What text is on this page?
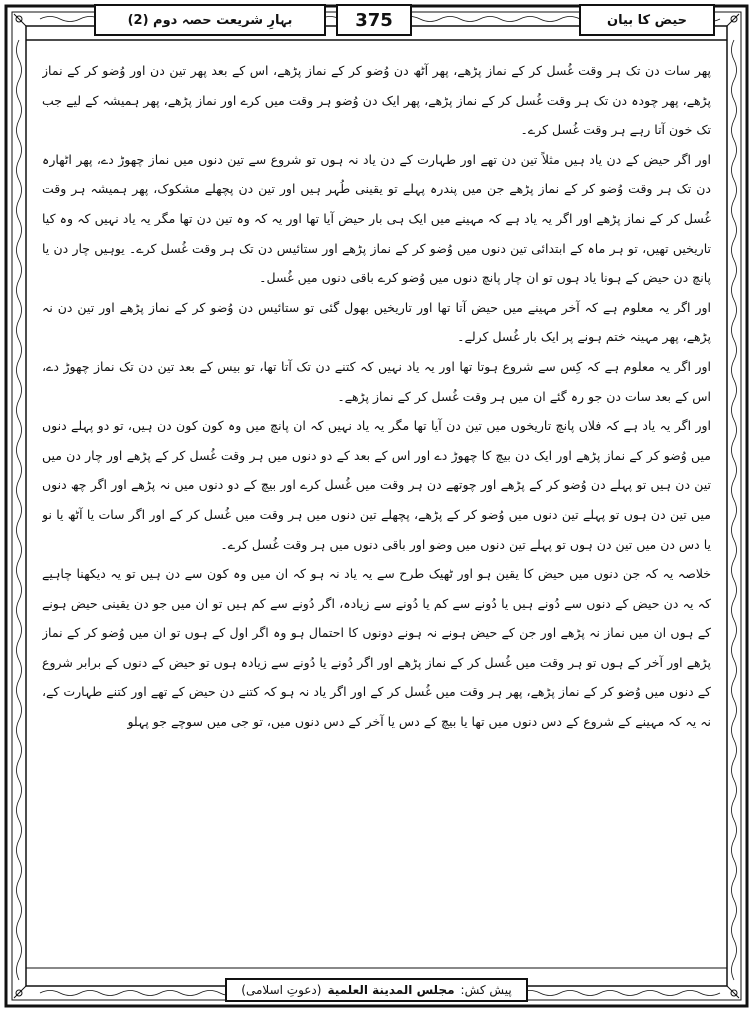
حیض کا بیان
375
بہارِ شریعت حصہ دوم (2)

پھر سات دن تک ہر وقت غُسل کر کے نماز پڑھے، پھر آٹھ دن وُضو کر کے نماز پڑھے، اس کے بعد پھر تین دن اور وُضو کر کے نماز پڑھے، پھر چودہ دن تک ہر وقت غُسل کر کے نماز پڑھے، پھر ایک دن وُضو ہر وقت میں کرے اور نماز پڑھے، پھر ہمیشہ کے لیے جب تک خون آتا رہے ہر وقت غُسل کرے۔

اور اگر حیض کے دن یاد ہیں مثلاً تین دن تھے اور طہارت کے دن یاد نہ ہوں تو شروع سے تین دنوں میں نماز چھوڑ دے، پھر اٹھارہ دن تک ہر وقت وُضو کر کے نماز پڑھے جن میں پندرہ پہلے تو یقینی طُہر ہیں اور تین دن پچھلے مشکوک، پھر ہمیشہ ہر وقت غُسل کر کے نماز پڑھے اور اگر یہ یاد ہے کہ مہینے میں ایک ہی بار حیض آیا تھا اور یہ کہ وہ تین دن تھا مگر یہ یاد نہیں کہ وہ کیا تاریخیں تھیں، تو ہر ماہ کے ابتدائی تین دنوں میں وُضو کر کے نماز پڑھے اور ستائیس دن تک ہر وقت غُسل کرے۔ یوہیں چار دن یا پانچ دن حیض کے ہونا یاد ہوں تو ان چار پانچ دنوں میں وُضو کرے باقی دنوں میں غُسل۔

اور اگر یہ معلوم ہے کہ آخر مہینے میں حیض آتا تھا اور تاریخیں بھول گئی تو ستائیس دن وُضو کر کے نماز پڑھے اور تین دن نہ پڑھے، پھر مہینہ ختم ہونے پر ایک بار غُسل کرلے۔

اور اگر یہ معلوم ہے کہ کِس سے شروع ہوتا تھا اور یہ یاد نہیں کہ کتنے دن تک آتا تھا، تو بیس کے بعد تین دن تک نماز چھوڑ دے، اس کے بعد سات دن جو رہ گئے ان میں ہر وقت غُسل کر کے نماز پڑھے۔

اور اگر یہ یاد ہے کہ فلاں پانچ تاریخوں میں تین دن آیا تھا مگر یہ یاد نہیں کہ ان پانچ میں وہ کون کون دن ہیں، تو دو پہلے دنوں میں وُضو کر کے نماز پڑھے اور ایک دن بیچ کا چھوڑ دے اور اس کے بعد کے دو دنوں میں ہر وقت غُسل کر کے پڑھے اور چار دن میں تین دن ہیں تو پہلے دن وُضو کر کے پڑھے اور چوتھے دن ہر وقت میں غُسل کرے اور بیچ کے دو دنوں میں نہ پڑھے اور اگر چھ دنوں میں تین دن ہوں تو پہلے تین دنوں میں وُضو کر کے پڑھے، پچھلے تین دنوں میں ہر وقت میں غُسل کر کے اور اگر سات یا آٹھ یا نو یا دس دن میں تین دن ہوں تو پہلے تین دنوں میں وضو اور باقی دنوں میں ہر وقت غُسل کرے۔

خلاصہ یہ کہ جن دنوں میں حیض کا یقین ہو اور ٹھیک طرح سے یہ یاد نہ ہو کہ ان میں وہ کون سے دن ہیں تو یہ دیکھنا چاہیے کہ یہ دن حیض کے دنوں سے دُونے ہیں یا دُونے سے کم یا دُونے سے زیادہ، اگر دُونے سے کم ہیں تو ان میں جو دن یقینی حیض ہونے کے ہوں ان میں نماز نہ پڑھے اور جن کے حیض ہونے نہ ہونے دونوں کا احتمال ہو وہ اگر اول کے ہوں تو ان میں وُضو کر کے نماز پڑھے اور آخر کے ہوں تو ہر وقت میں غُسل کر کے نماز پڑھے اور اگر دُونے یا دُونے سے زیادہ ہوں تو حیض کے دنوں کے برابر شروع کے دنوں میں وُضو کر کے نماز پڑھے، پھر ہر وقت میں غُسل کر کے اور اگر یاد نہ ہو کہ کتنے دن حیض کے تھے اور کتنے طہارت کے، نہ یہ کہ مہینے کے شروع کے دس دنوں میں تھا یا بیچ کے دس یا آخر کے دس دنوں میں، تو جی میں سوچے جو پہلو

پیش کش:
مجلس المدينة العلمية
(دعوتِ اسلامی)
